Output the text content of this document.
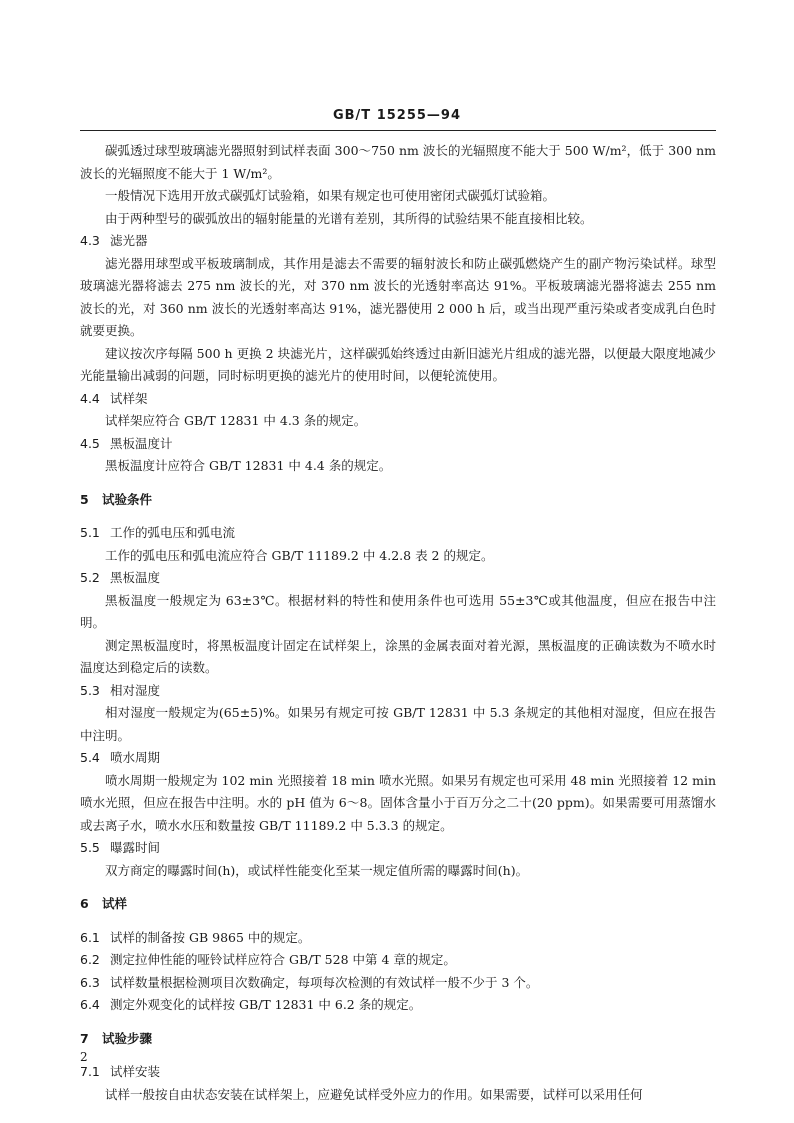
GB/T 15255—94

碳弧透过球型玻璃滤光器照射到试样表面 300～750 nm 波长的光辐照度不能大于 500 W/m²，低于 300 nm 波长的光辐照度不能大于 1 W/m²。

一般情况下选用开放式碳弧灯试验箱，如果有规定也可使用密闭式碳弧灯试验箱。

由于两种型号的碳弧放出的辐射能量的光谱有差别，其所得的试验结果不能直接相比较。

4.3 滤光器

滤光器用球型或平板玻璃制成，其作用是滤去不需要的辐射波长和防止碳弧燃烧产生的副产物污染试样。球型玻璃滤光器将滤去 275 nm 波长的光，对 370 nm 波长的光透射率高达 91%。平板玻璃滤光器将滤去 255 nm 波长的光，对 360 nm 波长的光透射率高达 91%，滤光器使用 2 000 h 后，或当出现严重污染或者变成乳白色时就要更换。

建议按次序每隔 500 h 更换 2 块滤光片，这样碳弧始终透过由新旧滤光片组成的滤光器，以便最大限度地减少光能量输出减弱的问题，同时标明更换的滤光片的使用时间，以便轮流使用。

4.4 试样架

试样架应符合 GB/T 12831 中 4.3 条的规定。

4.5 黑板温度计

黑板温度计应符合 GB/T 12831 中 4.4 条的规定。

5 试验条件
5.1 工作的弧电压和弧电流

工作的弧电压和弧电流应符合 GB/T 11189.2 中 4.2.8 表 2 的规定。

5.2 黑板温度

黑板温度一般规定为 63±3℃。根据材料的特性和使用条件也可选用 55±3℃或其他温度，但应在报告中注明。

测定黑板温度时，将黑板温度计固定在试样架上，涂黑的金属表面对着光源，黑板温度的正确读数为不喷水时温度达到稳定后的读数。

5.3 相对湿度

相对湿度一般规定为(65±5)%。如果另有规定可按 GB/T 12831 中 5.3 条规定的其他相对湿度，但应在报告中注明。

5.4 喷水周期

喷水周期一般规定为 102 min 光照接着 18 min 喷水光照。如果另有规定也可采用 48 min 光照接着 12 min 喷水光照，但应在报告中注明。水的 pH 值为 6～8。固体含量小于百万分之二十(20 ppm)。如果需要可用蒸馏水或去离子水，喷水水压和数量按 GB/T 11189.2 中 5.3.3 的规定。

5.5 曝露时间

双方商定的曝露时间(h)，或试样性能变化至某一规定值所需的曝露时间(h)。

6 试样
6.1 试样的制备按 GB 9865 中的规定。
6.2 测定拉伸性能的哑铃试样应符合 GB/T 528 中第 4 章的规定。
6.3 试样数量根据检测项目次数确定，每项每次检测的有效试样一般不少于 3 个。
6.4 测定外观变化的试样按 GB/T 12831 中 6.2 条的规定。
7 试验步骤
7.1 试样安装

试样一般按自由状态安装在试样架上，应避免试样受外应力的作用。如果需要，试样可以采用任何

2
